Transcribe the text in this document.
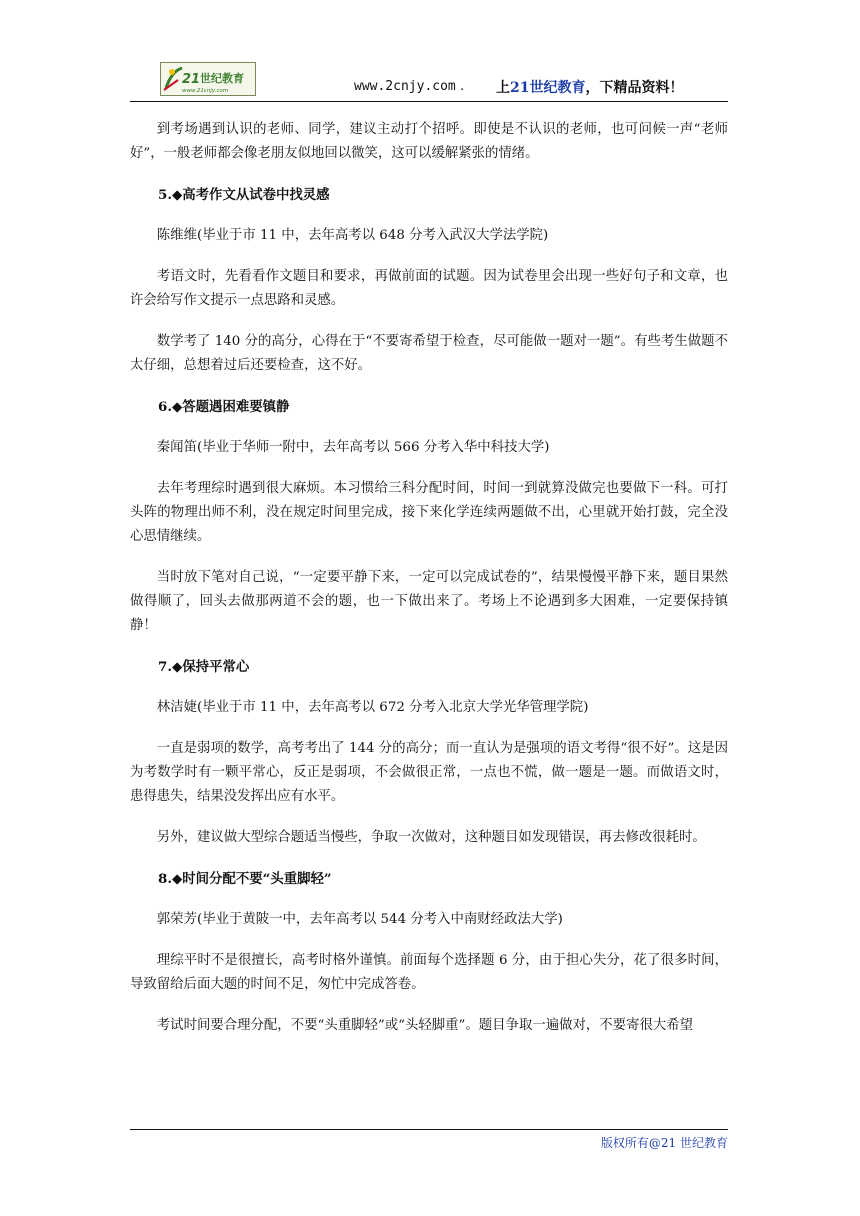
21 世纪教育
www.21cnjy.com	www.2cnjy.com . 上21世纪教育，下精品资料！

到考场遇到认识的老师、同学，建议主动打个招呼。即使是不认识的老师，也可问候一声“老师好”，一般老师都会像老朋友似地回以微笑，这可以缓解紧张的情绪。

5.◆高考作文从试卷中找灵感

陈维维(毕业于市 11 中，去年高考以 648 分考入武汉大学法学院)

考语文时，先看看作文题目和要求，再做前面的试题。因为试卷里会出现一些好句子和文章，也许会给写作文提示一点思路和灵感。

数学考了 140 分的高分，心得在于“不要寄希望于检查，尽可能做一题对一题”。有些考生做题不太仔细，总想着过后还要检查，这不好。

6.◆答题遇困难要镇静

秦闻笛(毕业于华师一附中，去年高考以 566 分考入华中科技大学)

去年考理综时遇到很大麻烦。本习惯给三科分配时间，时间一到就算没做完也要做下一科。可打头阵的物理出师不利，没在规定时间里完成，接下来化学连续两题做不出，心里就开始打鼓，完全没心思情继续。

当时放下笔对自己说，“一定要平静下来，一定可以完成试卷的”，结果慢慢平静下来，题目果然做得顺了，回头去做那两道不会的题，也一下做出来了。考场上不论遇到多大困难，一定要保持镇静！

7.◆保持平常心

林洁婕(毕业于市 11 中，去年高考以 672 分考入北京大学光华管理学院)

一直是弱项的数学，高考考出了 144 分的高分；而一直认为是强项的语文考得“很不好”。这是因为考数学时有一颗平常心，反正是弱项，不会做很正常，一点也不慌，做一题是一题。而做语文时，患得患失，结果没发挥出应有水平。

另外，建议做大型综合题适当慢些，争取一次做对，这种题目如发现错误，再去修改很耗时。

8.◆时间分配不要“头重脚轻”

郭荣芳(毕业于黄陂一中，去年高考以 544 分考入中南财经政法大学)

理综平时不是很擅长，高考时格外谨慎。前面每个选择题 6 分，由于担心失分，花了很多时间，导致留给后面大题的时间不足，匆忙中完成答卷。

考试时间要合理分配，不要“头重脚轻”或“头轻脚重”。题目争取一遍做对，不要寄很大希望

版权所有@21 世纪教育
